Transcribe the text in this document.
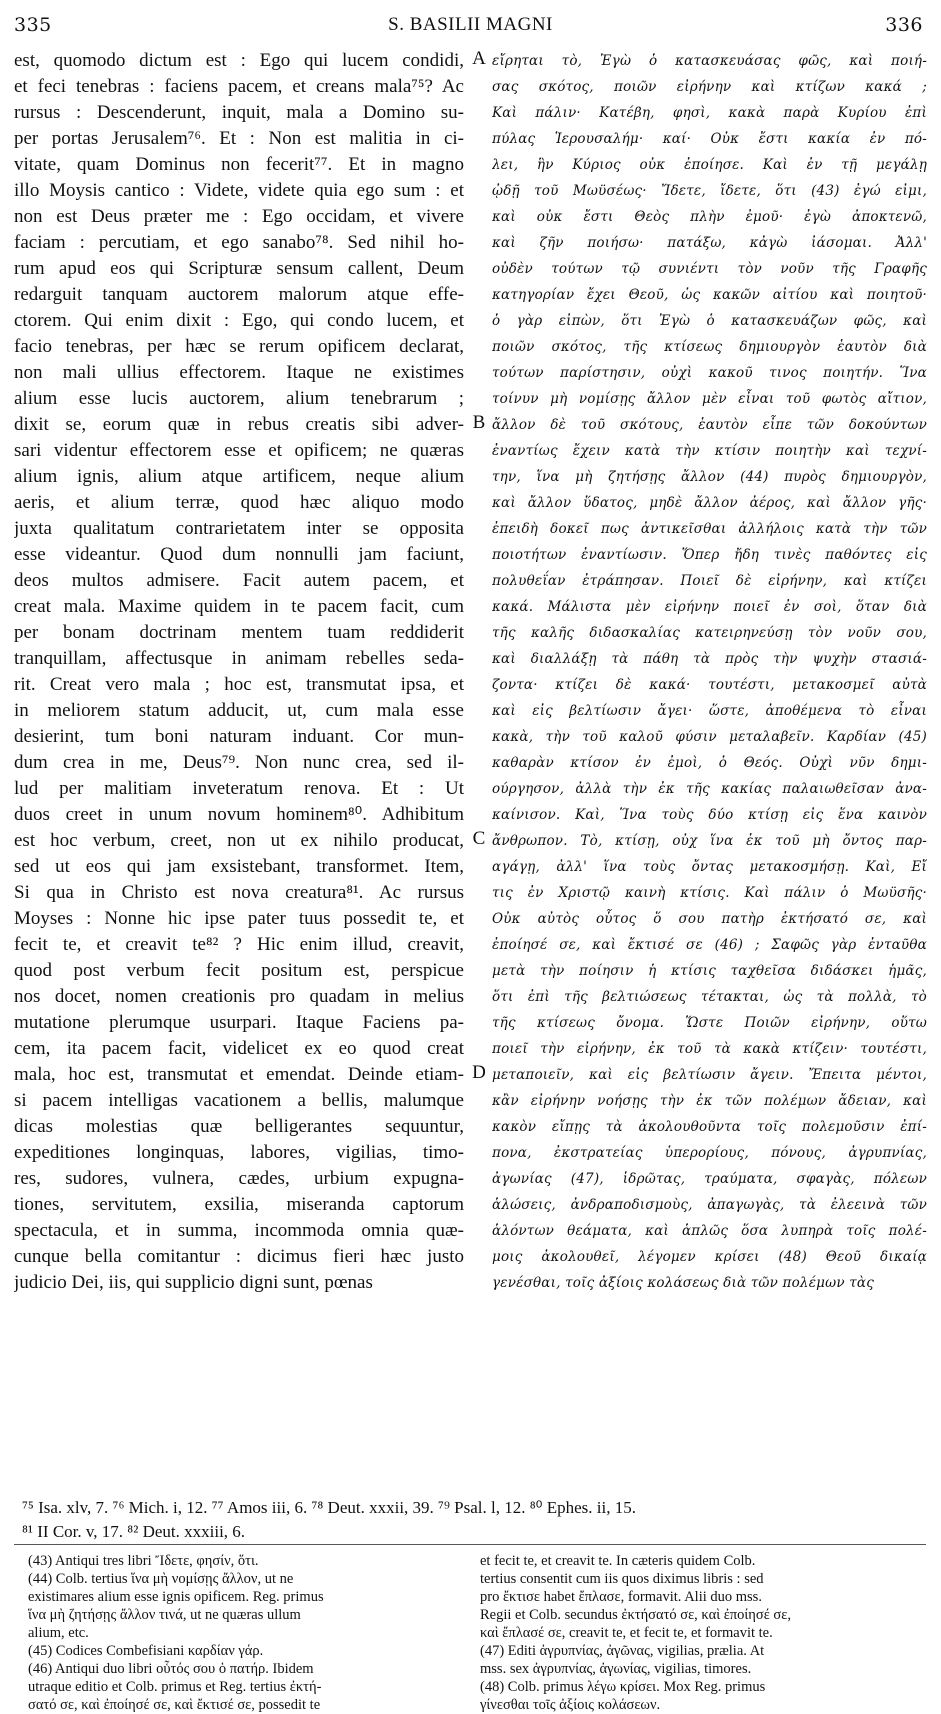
335	S. BASILII MAGNI	336
est, quomodo dictum est : Ego qui lucem condidi,
et feci tenebras : faciens pacem, et creans mala⁷⁵? Ac
rursus : Descenderunt, inquit, mala a Domino su-
per portas Jerusalem⁷⁶. Et : Non est malitia in ci-
vitate, quam Dominus non fecerit⁷⁷. Et in magno
illo Moysis cantico : Videte, videte quia ego sum : et
non est Deus præter me : Ego occidam, et vivere
faciam : percutiam, et ego sanabo⁷⁸. Sed nihil ho-
rum apud eos qui Scripturæ sensum callent, Deum
redarguit tanquam auctorem malorum atque effe-
ctorem. Qui enim dixit : Ego, qui condo lucem, et
facio tenebras, per hæc se rerum opificem declarat,
non mali ullius effectorem. Itaque ne existimes
alium esse lucis auctorem, alium tenebrarum ;
dixit se, eorum quæ in rebus creatis sibi adver-
sari videntur effectorem esse et opificem; ne quæras
alium ignis, alium atque artificem, neque alium
aeris, et alium terræ, quod hæc aliquo modo
juxta qualitatum contrarietatem inter se opposita
esse videantur. Quod dum nonnulli jam faciunt,
deos multos admisere. Facit autem pacem, et
creat mala. Maxime quidem in te pacem facit, cum
per bonam doctrinam mentem tuam reddiderit
tranquillam, affectusque in animam rebelles seda-
rit. Creat vero mala ; hoc est, transmutat ipsa, et
in meliorem statum adducit, ut, cum mala esse
desierint, tum boni naturam induant. Cor mun-
dum crea in me, Deus⁷⁹. Non nunc crea, sed il-
lud per malitiam inveteratum renova. Et : Ut
duos creet in unum novum hominem⁸⁰. Adhibitum
est hoc verbum, creet, non ut ex nihilo producat,
sed ut eos qui jam exsistebant, transformet. Item,
Si qua in Christo est nova creatura⁸¹. Ac rursus
Moyses : Nonne hic ipse pater tuus possedit te, et
fecit te, et creavit te⁸² ? Hic enim illud, creavit,
quod post verbum fecit positum est, perspicue
nos docet, nomen creationis pro quadam in melius
mutatione plerumque usurpari. Itaque Faciens pa-
cem, ita pacem facit, videlicet ex eo quod creat
mala, hoc est, transmutat et emendat. Deinde etiam-
si pacem intelligas vacationem a bellis, malumque
dicas molestias quæ belligerantes sequuntur,
expeditiones longinquas, labores, vigilias, timo-
res, sudores, vulnera, cædes, urbium expugna-
tiones, servitutem, exsilia, miserandа captorum
spectacula, et in summa, incommoda omnia quæ-
cunque bella comitantur : dicimus fieri hæc justo
judicio Dei, iis, qui supplicio digni sunt, pœnas
εἴρηται τὸ, Ἐγὼ ὁ κατασκευάσας φῶς, καὶ ποιή-
σας σκότος, ποιῶν εἰρήνην καὶ κτίζων κακά ;
Καὶ πάλιν· Κατέβη, φησὶ, κακὰ παρὰ Κυρίου ἐπὶ
πύλας Ἱερουσαλήμ· καί· Οὐκ ἔστι κακία ἐν πό-
λει, ἣν Κύριος οὐκ ἐποίησε. Καὶ ἐν τῇ μεγάλῃ
ᾠδῇ τοῦ Μωϋσέως· Ἴδετε, ἴδετε, ὅτι (43) ἐγώ εἰμι,
καὶ οὐκ ἔστι Θεὸς πλὴν ἐμοῦ· ἐγὼ ἀποκτενῶ,
καὶ ζῆν ποιήσω· πατάξω, κἀγὼ ἰάσομαι. Ἀλλ'
οὐδὲν τούτων τῷ συνιέντι τὸν νοῦν τῆς Γραφῆς
κατηγορίαν ἔχει Θεοῦ, ὡς κακῶν αἰτίου καὶ ποιητοῦ·
ὁ γὰρ εἰπὼν, ὅτι Ἐγὼ ὁ κατασκευάζων φῶς, καὶ
ποιῶν σκότος, τῆς κτίσεως δημιουργὸν ἑαυτὸν διὰ
τούτων παρίστησιν, οὐχὶ κακοῦ τινος ποιητήν. Ἵνα
τοίνυν μὴ νομίσῃς ἄλλον μὲν εἶναι τοῦ φωτὸς αἴτιον,
ἄλλον δὲ τοῦ σκότους, ἑαυτὸν εἶπε τῶν δοκούντων
ἐναντίως ἔχειν κατὰ τὴν κτίσιν ποιητὴν καὶ τεχνί-
την, ἵνα μὴ ζητήσῃς ἄλλον (44) πυρὸς δημιουργὸν,
καὶ ἄλλον ὕδατος, μηδὲ ἄλλον ἀέρος, καὶ ἄλλον γῆς·
ἐπειδὴ δοκεῖ πως ἀντικεῖσθαι ἀλλήλοις κατὰ τὴν τῶν
ποιοτήτων ἐναντίωσιν. Ὅπερ ἤδη τινὲς παθόντες εἰς
πολυθεΐαν ἐτράπησαν. Ποιεῖ δὲ εἰρήνην, καὶ κτίζει
κακά. Μάλιστα μὲν εἰρήνην ποιεῖ ἐν σοὶ, ὅταν διὰ
τῆς καλῆς διδασκαλίας κατειρηνεύσῃ τὸν νοῦν σου,
καὶ διαλλάξῃ τὰ πάθη τὰ πρὸς τὴν ψυχὴν στασιά-
ζοντα· κτίζει δὲ κακά· τουτέστι, μετακοσμεῖ αὐτὰ
καὶ εἰς βελτίωσιν ἄγει· ὥστε, ἀποθέμενα τὸ εἶναι
κακὰ, τὴν τοῦ καλοῦ φύσιν μεταλαβεῖν. Καρδίαν (45)
καθαρὰν κτίσον ἐν ἐμοὶ, ὁ Θεός. Οὐχὶ νῦν δημι-
ούργησον, ἀλλὰ τὴν ἐκ τῆς κακίας παλαιωθεῖσαν ἀνα-
καίνισον. Καὶ, Ἵνα τοὺς δύο κτίσῃ εἰς ἕνα καινὸν
ἄνθρωπον. Τὸ, κτίσῃ, οὐχ ἵνα ἐκ τοῦ μὴ ὄντος παρ-
αγάγῃ, ἀλλ' ἵνα τοὺς ὄντας μετακοσμήσῃ. Καὶ, Εἴ
τις ἐν Χριστῷ καινὴ κτίσις. Καὶ πάλιν ὁ Μωϋσῆς·
Οὐκ αὐτὸς οὗτος ὅ σου πατὴρ ἐκτήσατό σε, καὶ
ἐποίησέ σε, καὶ ἔκτισέ σε (46) ; Σαφῶς γὰρ ἐνταῦθα
μετὰ τὴν ποίησιν ἡ κτίσις ταχθεῖσα διδάσκει ἡμᾶς,
ὅτι ἐπὶ τῆς βελτιώσεως τέτακται, ὡς τὰ πολλὰ, τὸ
τῆς κτίσεως ὄνομα. Ὥστε Ποιῶν εἰρήνην, οὕτω
ποιεῖ τὴν εἰρήνην, ἐκ τοῦ τὰ κακὰ κτίζειν· τουτέστι,
μεταποιεῖν, καὶ εἰς βελτίωσιν ἄγειν. Ἔπειτα μέντοι,
κἂν εἰρήνην νοήσῃς τὴν ἐκ τῶν πολέμων ἄδειαν, καὶ
κακὸν εἴπῃς τὰ ἀκολουθοῦντα τοῖς πολεμοῦσιν ἐπί-
πονα, ἐκστρατείας ὑπερορίους, πόνους, ἀγρυπνίας,
ἀγωνίας (47), ἱδρῶτας, τραύματα, σφαγὰς, πόλεων
ἁλώσεις, ἀνδραποδισμοὺς, ἀπαγωγὰς, τὰ ἐλεεινὰ τῶν
ἁλόντων θεάματα, καὶ ἁπλῶς ὅσα λυπηρὰ τοῖς πολέ-
μοις ἀκολουθεῖ, λέγομεν κρίσει (48) Θεοῦ δικαίᾳ
γενέσθαι, τοῖς ἀξίοις κολάσεως διὰ τῶν πολέμων τὰς
A
B
C
D
⁷⁵ Isa. xlv, 7. ⁷⁶ Mich. i, 12. ⁷⁷ Amos iii, 6. ⁷⁸ Deut. xxxii, 39. ⁷⁹ Psal. l, 12. ⁸⁰ Ephes. ii, 15.
⁸¹ II Cor. v, 17. ⁸² Deut. xxxiii, 6.
(43) Antiqui tres libri Ἴδετε, φησίν, ὅτι.
(44) Colb. tertius ἵνα μὴ νομίσῃς ἄλλον, ut ne
existimares alium esse ignis opificem. Reg. primus
ἵνα μὴ ζητήσῃς ἄλλον τινά, ut ne quæras ullum
alium, etc.
(45) Codices Combefisiani καρδίαν γάρ.
(46) Antiqui duo libri οὗτός σου ὁ πατήρ. Ibidem
utraque editio et Colb. primus et Reg. tertius ἐκτή-
σατό σε, καὶ ἐποίησέ σε, καὶ ἔκτισέ σε, possedit te
et fecit te, et creavit te. In cæteris quidem Colb.
tertius consentit cum iis quos diximus libris : sed
pro ἔκτισε habet ἔπλασε, formavit. Alii duo mss.
Regii et Colb. secundus ἐκτήσατό σε, καὶ ἐποίησέ σε,
καὶ ἔπλασέ σε, creavit te, et fecit te, et formavit te.
(47) Editi ἀγρυπνίας, ἀγῶνας, vigilias, prælia. At
mss. sex ἀγρυπνίας, ἀγωνίας, vigilias, timores.
(48) Colb. primus λέγω κρίσει. Mox Reg. primus
γίνεσθαι τοῖς ἀξίοις κολάσεων.
